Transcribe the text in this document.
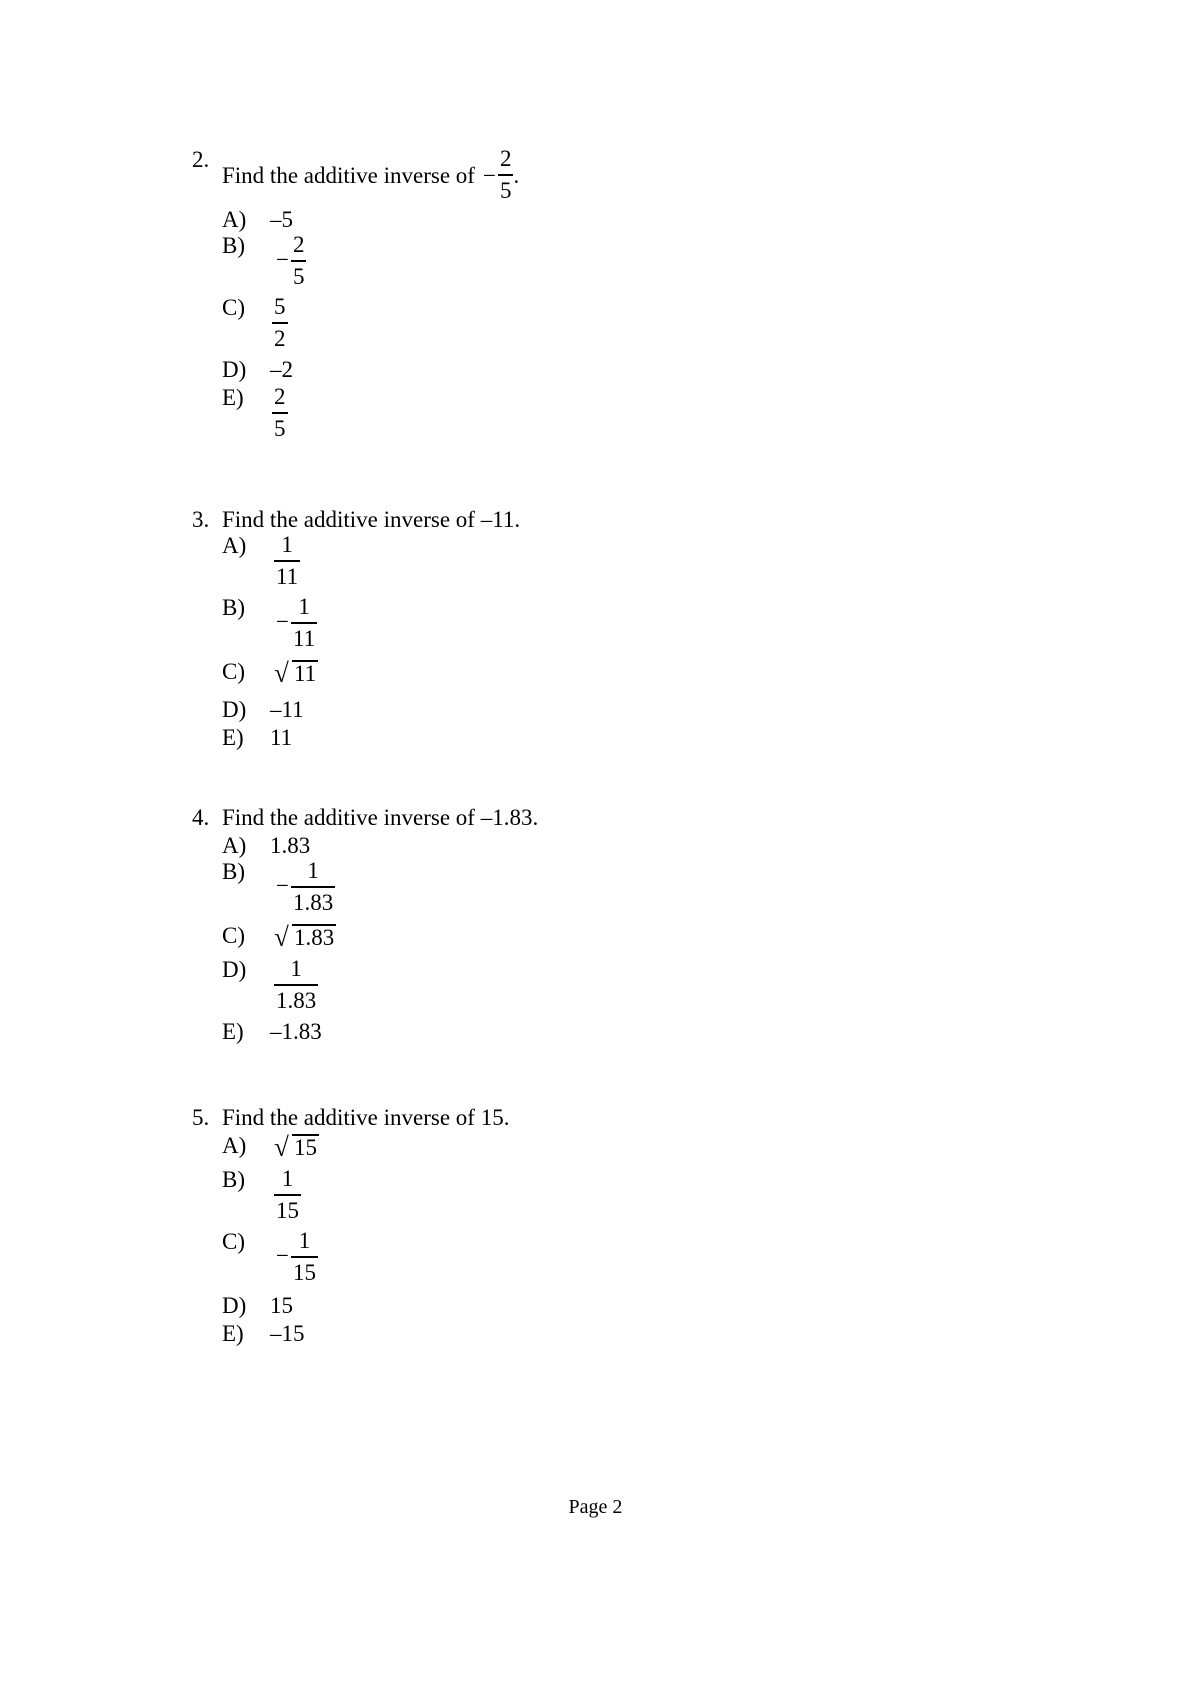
2.
Find the additive inverse of − $\frac{2}{5}$ .
A)	–5
B)
− $\frac{2}{5}$
C)	$\frac{5}{2}$
D)	–2
E)	$\frac{2}{5}$
3. Find the additive inverse of –11.
A)	$\frac{1}{11}$
B)
− $\frac{1}{11}$
C)	√ 11
D)	–11
E)	11
4. Find the additive inverse of –1.83.
A)	1.83
B)
− $\frac{1}{1.83}$
C)	√ 1.83
D)	$\frac{1}{1.83}$
E)	–1.83
5. Find the additive inverse of 15.
A)	√ 15
B)	$\frac{1}{15}$
C)
− $\frac{1}{15}$
D)	15
E)	–15
Page 2
